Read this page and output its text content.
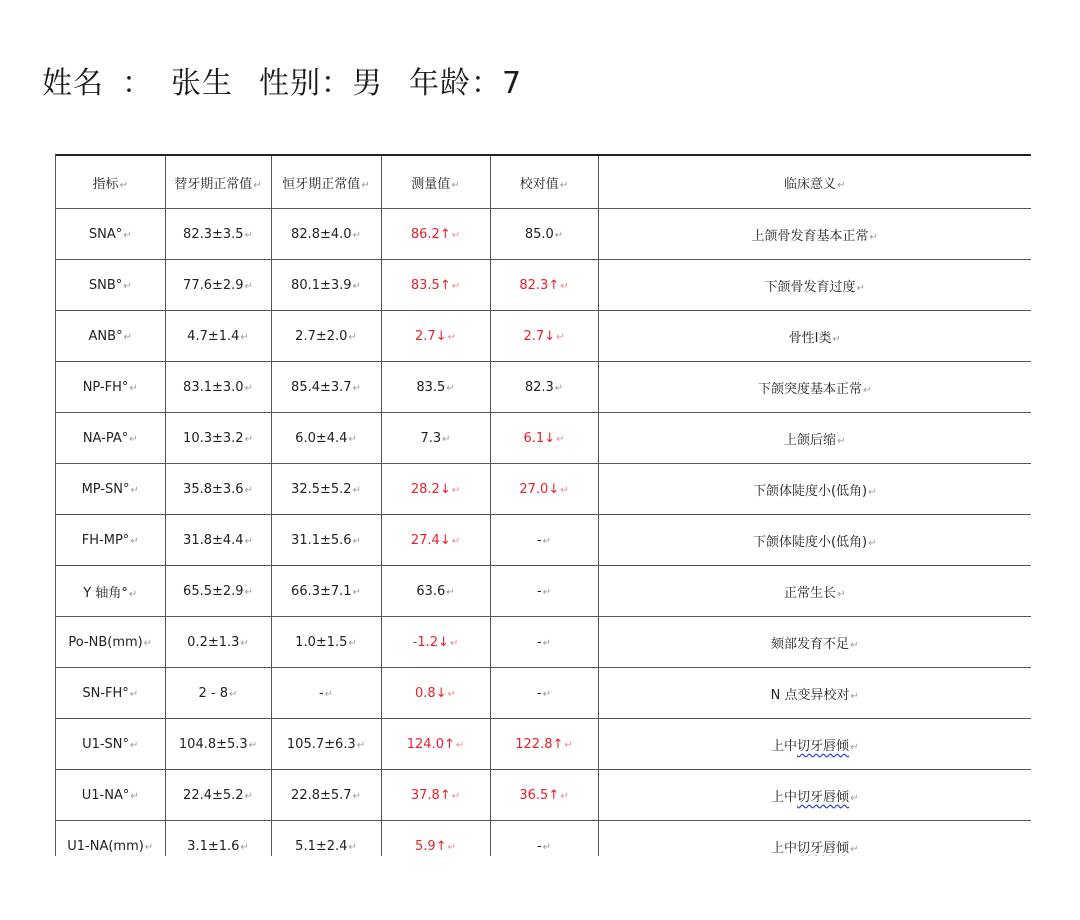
姓名 ： 张生 性别：男 年龄：7
指标↵	替牙期正常值↵	恒牙期正常值↵	测量值↵	校对值↵	临床意义↵
SNA°↵	82.3±3.5↵	82.8±4.0↵	86.2↑↵	85.0↵	上颌骨发育基本正常↵
SNB°↵	77.6±2.9↵	80.1±3.9↵	83.5↑↵	82.3↑↵	下颌骨发育过度↵
ANB°↵	4.7±1.4↵	2.7±2.0↵	2.7↓↵	2.7↓↵	骨性Ⅰ类↵
NP-FH°↵	83.1±3.0↵	85.4±3.7↵	83.5↵	82.3↵	下颌突度基本正常↵
NA-PA°↵	10.3±3.2↵	6.0±4.4↵	7.3↵	6.1↓↵	上颌后缩↵
MP-SN°↵	35.8±3.6↵	32.5±5.2↵	28.2↓↵	27.0↓↵	下颌体陡度小(低角)↵
FH-MP°↵	31.8±4.4↵	31.1±5.6↵	27.4↓↵	-↵	下颌体陡度小(低角)↵
Y 轴角°↵	65.5±2.9↵	66.3±7.1↵	63.6↵	-↵	正常生长↵
Po-NB(mm)↵	0.2±1.3↵	1.0±1.5↵	-1.2↓↵	-↵	颏部发育不足↵
SN-FH°↵	2 - 8↵	-↵	0.8↓↵	-↵	N 点变异校对↵
U1-SN°↵	104.8±5.3↵	105.7±6.3↵	124.0↑↵	122.8↑↵	上中切牙唇倾↵
U1-NA°↵	22.4±5.2↵	22.8±5.7↵	37.8↑↵	36.5↑↵	上中切牙唇倾↵
U1-NA(mm)↵	3.1±1.6↵	5.1±2.4↵	5.9↑↵	-↵	上中切牙唇倾↵
